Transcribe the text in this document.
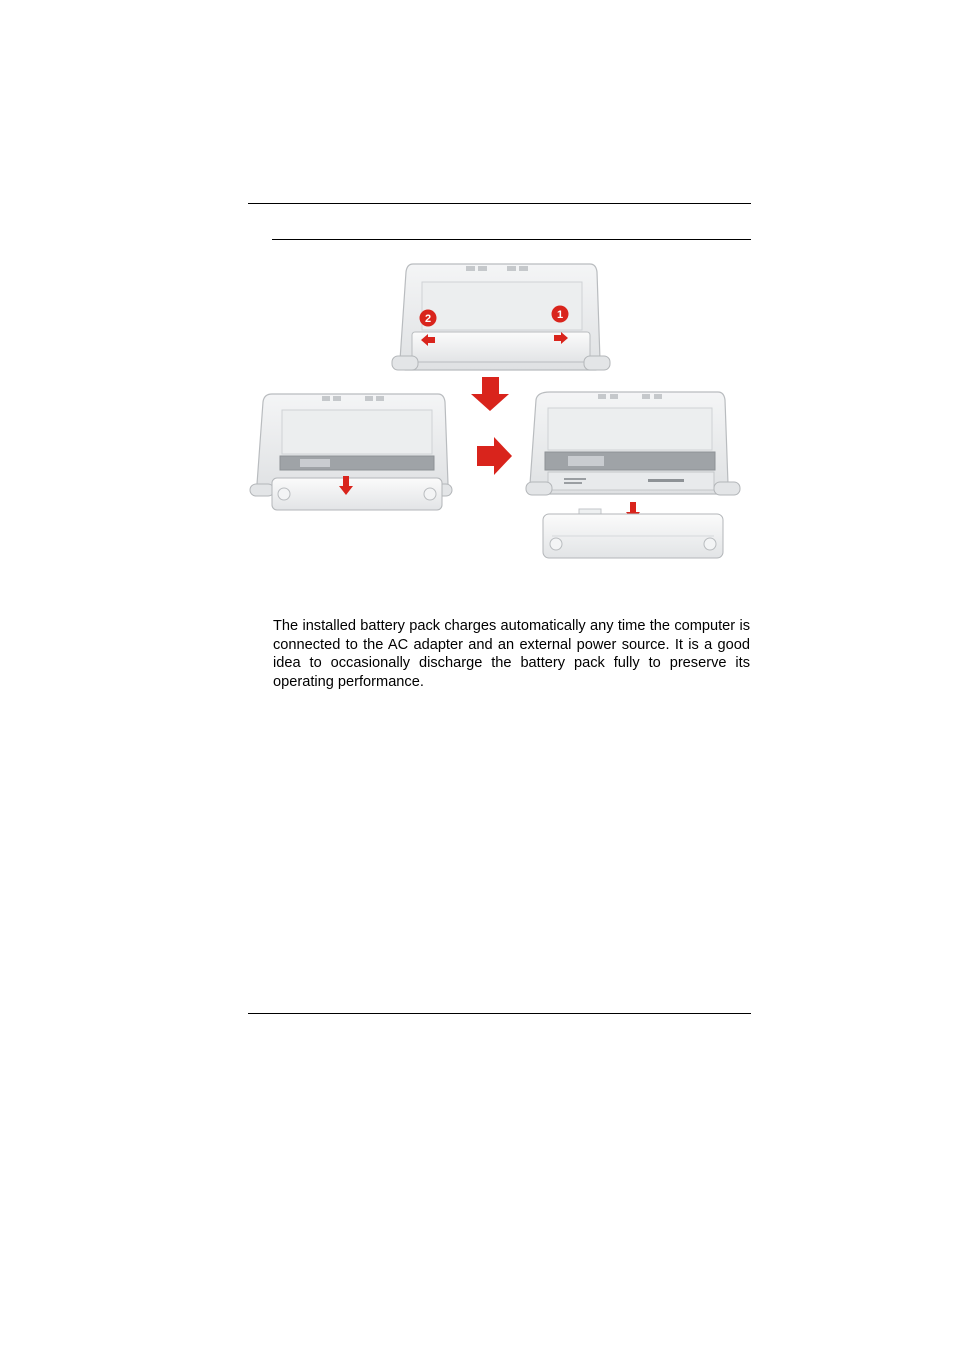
2	1

The installed battery pack charges automatically any time the computer is connected to the AC adapter and an external power source. It is a good idea to occasionally discharge the battery pack fully to preserve its operating performance.
